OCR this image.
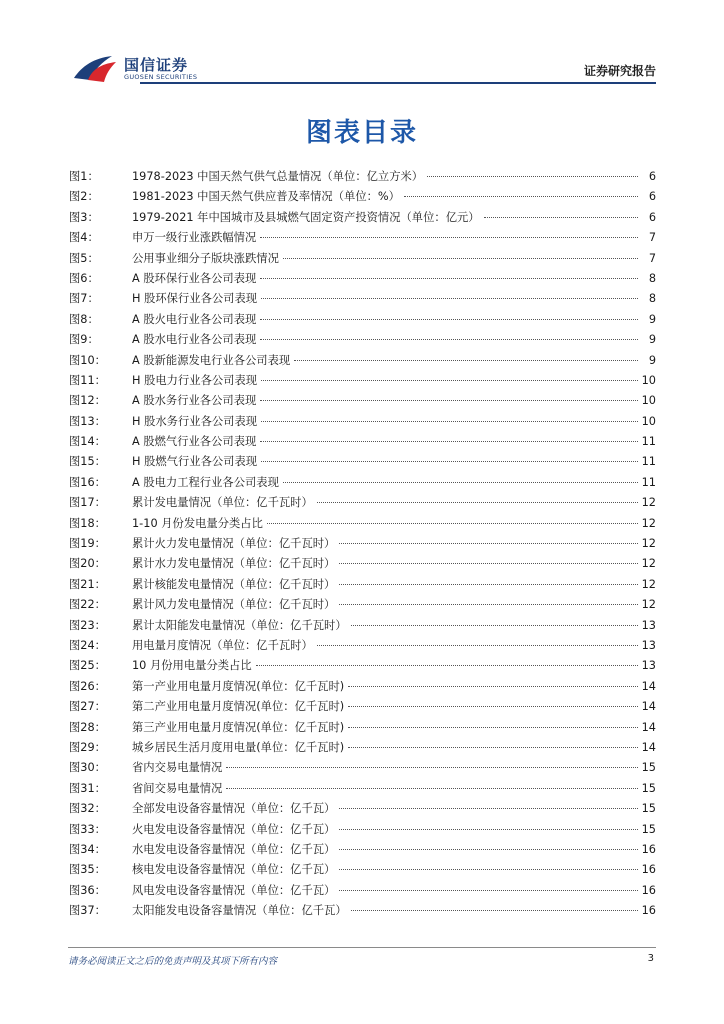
国信证券
GUOSEN SECURITIES	证券研究报告
图表目录
图1：	1978-2023 中国天然气供气总量情况（单位：亿立方米）	6
图2：	1981-2023 中国天然气供应普及率情况（单位：%）	6
图3：	1979-2021 年中国城市及县城燃气固定资产投资情况（单位：亿元）	6
图4：	申万一级行业涨跌幅情况	7
图5：	公用事业细分子版块涨跌情况	7
图6：	A 股环保行业各公司表现	8
图7：	H 股环保行业各公司表现	8
图8：	A 股火电行业各公司表现	9
图9：	A 股水电行业各公司表现	9
图10：	A 股新能源发电行业各公司表现	9
图11：	H 股电力行业各公司表现	10
图12：	A 股水务行业各公司表现	10
图13：	H 股水务行业各公司表现	10
图14：	A 股燃气行业各公司表现	11
图15：	H 股燃气行业各公司表现	11
图16：	A 股电力工程行业各公司表现	11
图17：	累计发电量情况（单位：亿千瓦时）	12
图18：	1-10 月份发电量分类占比	12
图19：	累计火力发电量情况（单位：亿千瓦时）	12
图20：	累计水力发电量情况（单位：亿千瓦时）	12
图21：	累计核能发电量情况（单位：亿千瓦时）	12
图22：	累计风力发电量情况（单位：亿千瓦时）	12
图23：	累计太阳能发电量情况（单位：亿千瓦时）	13
图24：	用电量月度情况（单位：亿千瓦时）	13
图25：	10 月份用电量分类占比	13
图26：	第一产业用电量月度情况(单位：亿千瓦时)	14
图27：	第二产业用电量月度情况(单位：亿千瓦时)	14
图28：	第三产业用电量月度情况(单位：亿千瓦时)	14
图29：	城乡居民生活月度用电量(单位：亿千瓦时)	14
图30：	省内交易电量情况	15
图31：	省间交易电量情况	15
图32：	全部发电设备容量情况（单位：亿千瓦）	15
图33：	火电发电设备容量情况（单位：亿千瓦）	15
图34：	水电发电设备容量情况（单位：亿千瓦）	16
图35：	核电发电设备容量情况（单位：亿千瓦）	16
图36：	风电发电设备容量情况（单位：亿千瓦）	16
图37：	太阳能发电设备容量情况（单位：亿千瓦）	16
请务必阅读正文之后的免责声明及其项下所有内容	3
